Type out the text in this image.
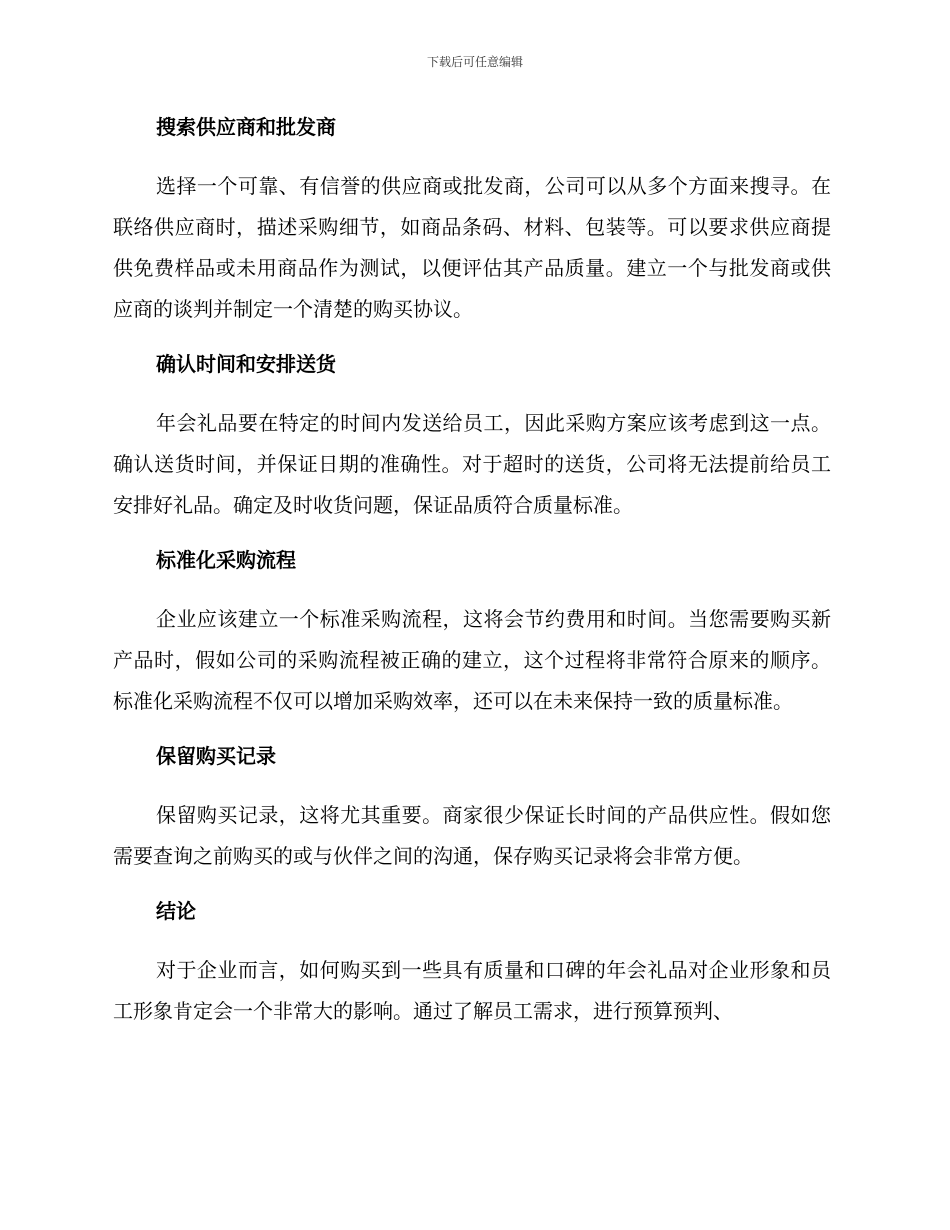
下载后可任意编辑
搜索供应商和批发商

选择一个可靠、有信誉的供应商或批发商，公司可以从多个方面来搜寻。在联络供应商时，描述采购细节，如商品条码、材料、包装等。可以要求供应商提供免费样品或未用商品作为测试，以便评估其产品质量。建立一个与批发商或供应商的谈判并制定一个清楚的购买协议。

确认时间和安排送货

年会礼品要在特定的时间内发送给员工，因此采购方案应该考虑到这一点。确认送货时间，并保证日期的准确性。对于超时的送货，公司将无法提前给员工安排好礼品。确定及时收货问题，保证品质符合质量标准。

标准化采购流程

企业应该建立一个标准采购流程，这将会节约费用和时间。当您需要购买新产品时，假如公司的采购流程被正确的建立，这个过程将非常符合原来的顺序。标准化采购流程不仅可以增加采购效率，还可以在未来保持一致的质量标准。

保留购买记录

保留购买记录，这将尤其重要。商家很少保证长时间的产品供应性。假如您需要查询之前购买的或与伙伴之间的沟通，保存购买记录将会非常方便。

结论

对于企业而言，如何购买到一些具有质量和口碑的年会礼品对企业形象和员工形象肯定会一个非常大的影响。通过了解员工需求，进行预算预判、
